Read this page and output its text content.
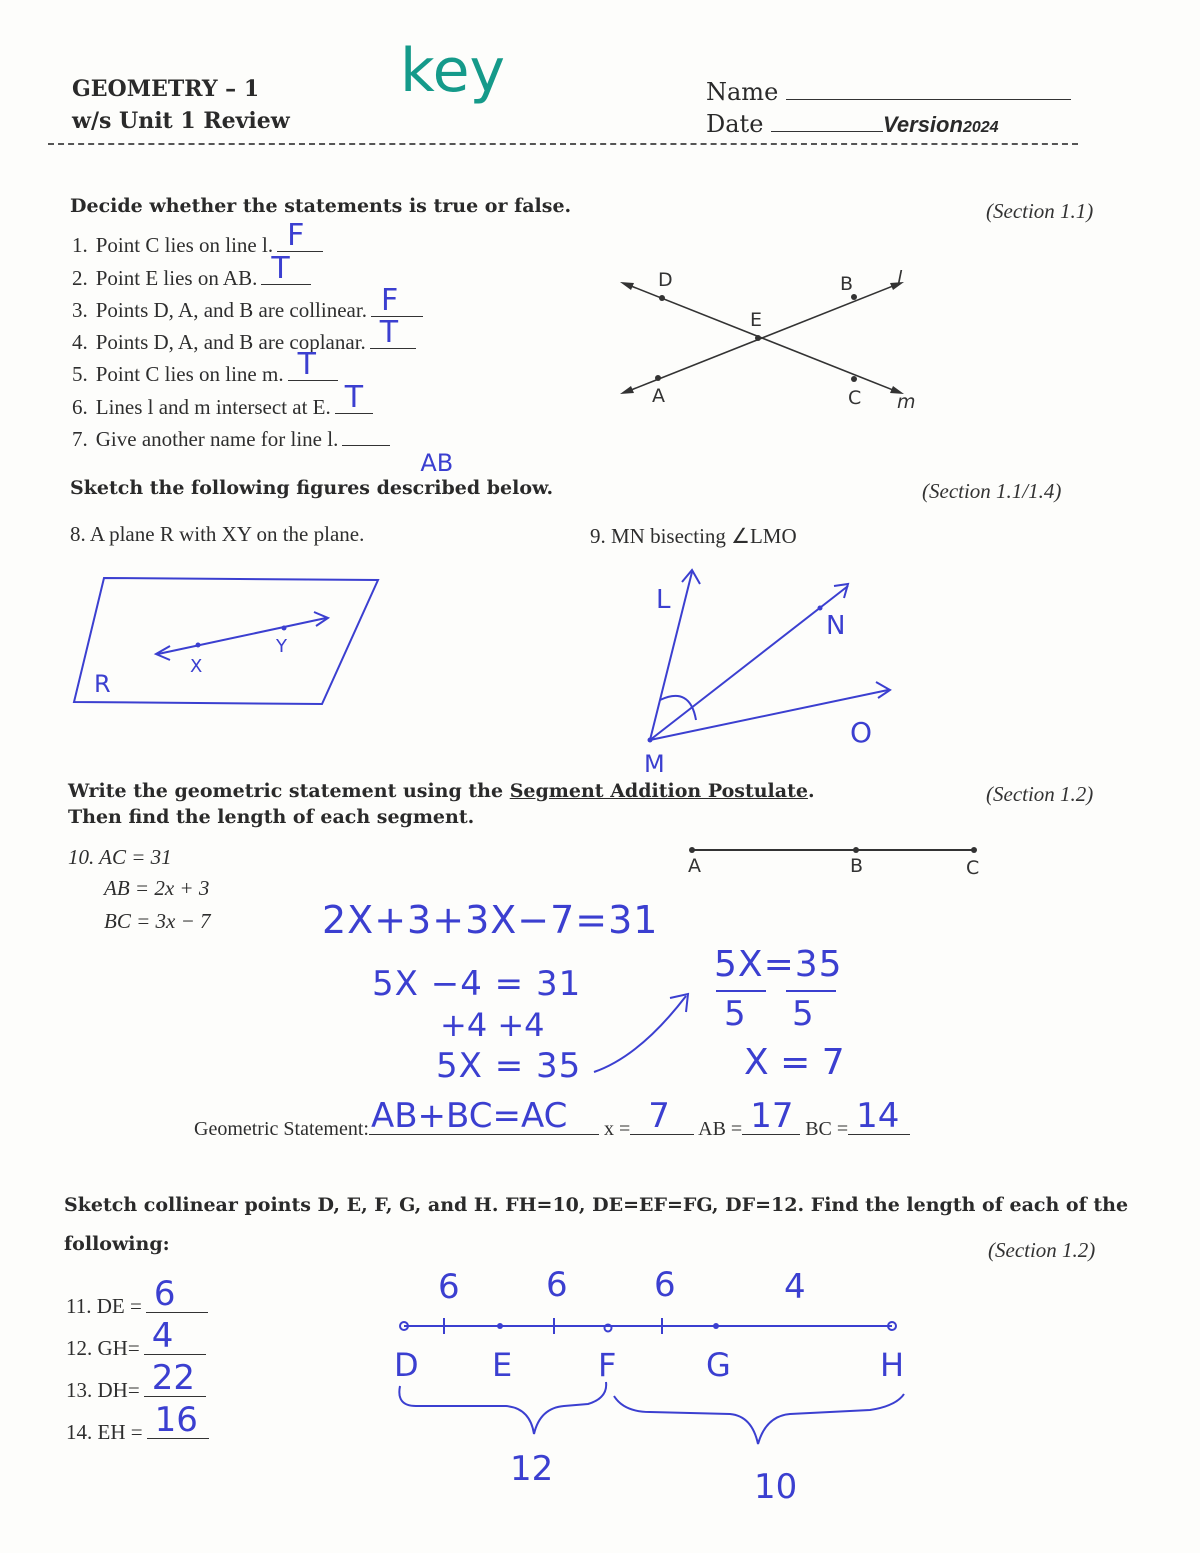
GEOMETRY – 1
w/s Unit 1 Review
key	Name
Date	Version2024
Decide whether the statements is true or false.	(Section 1.1)
1. Point C lies on line l. F
2. Point E lies on AB. T
3. Points D, A, and B are collinear. F
4. Points D, A, and B are coplanar. T
5. Point C lies on line m. T
6. Lines l and m intersect at E. T
7. Give another name for line l.
AB
D	B
E
A	C
l
m
Sketch the following figures described below.	(Section 1.1/1.4)
8. A plane R with XY on the plane.	9. MN bisecting ∠LMO
R
X
Y
L
N
O
M
Write the geometric statement using the Segment Addition Postulate.
Then find the length of each segment.
(Section 1.2)
10. AC = 31
AB = 2x + 3
BC = 3x − 7
A	B	C
2X+3+3X−7=31
5X −4 = 31
+4 +4
5X = 35
5X=35
5 5
X = 7
Geometric Statement: AB+BC=AC x = 7 AB = 17 BC = 14
Sketch collinear points D, E, F, G, and H. FH=10, DE=EF=FG, DF=12. Find the length of each of the
following:	(Section 1.2)
11. DE = 6
12. GH= 4
13. DH= 22
14. EH = 16
6	6	6	4
D E	F	G	H
12	10
